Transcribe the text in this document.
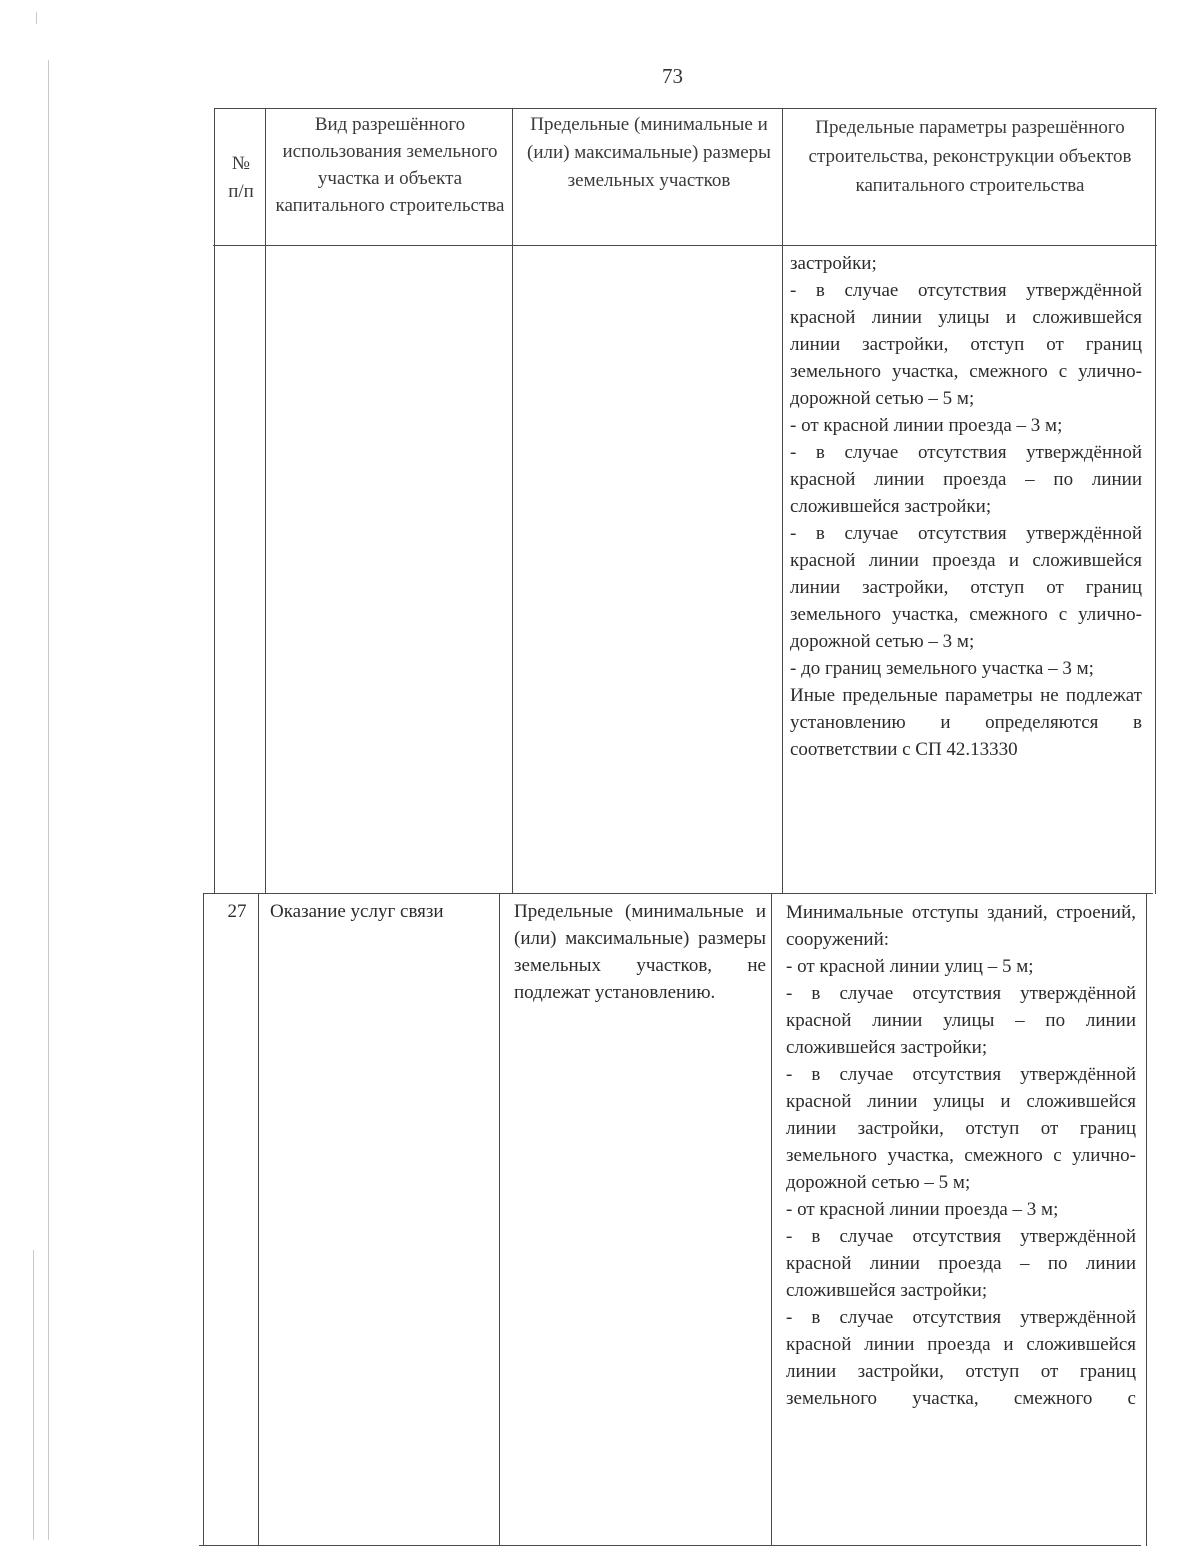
73
№ п/п
Вид разрешённого использования земельного участка и объекта капитального строительства
Предельные (минимальные и (или) максимальные) размеры земельных участков
Предельные параметры разрешённого строительства, реконструкции объектов капитального строительства

застройки;

- в случае отсутствия утверждённой красной линии улицы и сложившейся линии застройки, отступ от границ земельного участка, смежного с улично-дорожной сетью – 5 м;

- от красной линии проезда – 3 м;

- в случае отсутствия утверждённой красной линии проезда – по линии сложившейся застройки;

- в случае отсутствия утверждённой красной линии проезда и сложившейся линии застройки, отступ от границ земельного участка, смежного с улично-дорожной сетью – 3 м;

- до границ земельного участка – 3 м;

Иные предельные параметры не подлежат установлению и определяются в соответствии с СП 42.13330

27	Оказание услуг связи	Предельные (минимальные и (или) максимальные) размеры земельных участков, не подлежат установлению.

Минимальные отступы зданий, строений, сооружений:

- от красной линии улиц – 5 м;

- в случае отсутствия утверждённой красной линии улицы – по линии сложившейся застройки;

- в случае отсутствия утверждённой красной линии улицы и сложившейся линии застройки, отступ от границ земельного участка, смежного с улично-дорожной сетью – 5 м;

- от красной линии проезда – 3 м;

- в случае отсутствия утверждённой красной линии проезда – по линии сложившейся застройки;

- в случае отсутствия утверждённой красной линии проезда и сложившейся линии застройки, отступ от границ земельного участка, смежного с
